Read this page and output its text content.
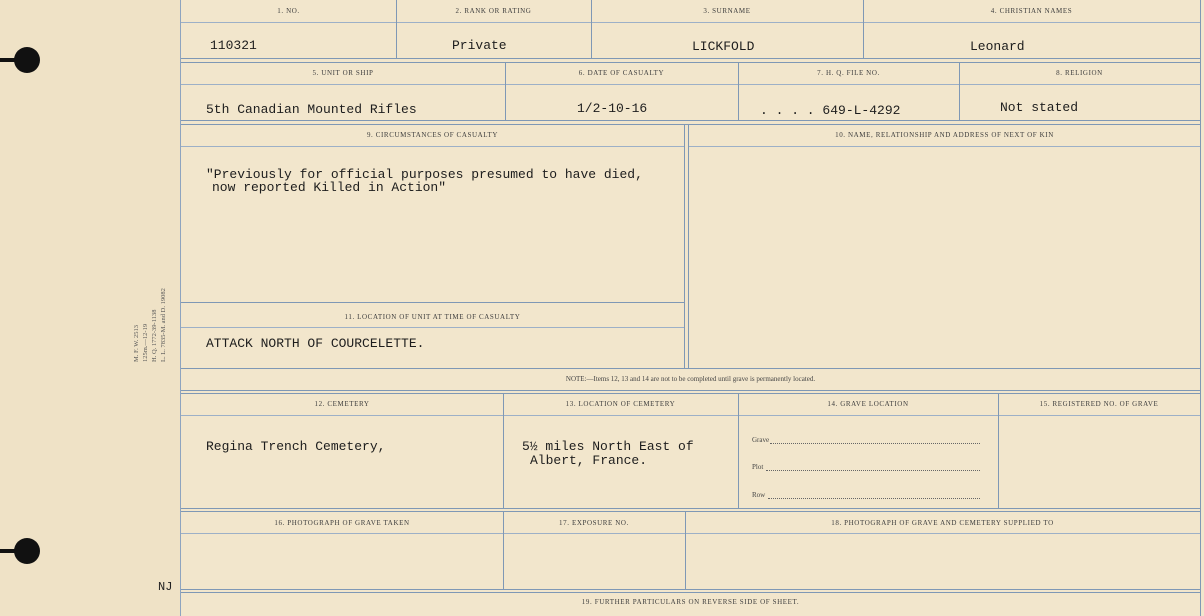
M. F. W. 2513 125m.—12-19 H. Q. 1772-39-1138 L. L. 7835-M. and D. 19082
NJ
1. NO.	2. RANK OR RATING	3. SURNAME	4. CHRISTIAN NAMES
110321	Private	LICKFOLD	Leonard
5. UNIT OR SHIP	6. DATE OF CASUALTY	7. H. Q. FILE NO.	8. RELIGION
5th Canadian Mounted Rifles	1/2-10-16	. . . . 649-L-4292	Not stated
9. CIRCUMSTANCES OF CASUALTY	10. NAME, RELATIONSHIP AND ADDRESS OF NEXT OF KIN
"Previously for official purposes presumed to have died,
now reported Killed in Action"
11. LOCATION OF UNIT AT TIME OF CASUALTY
ATTACK NORTH OF COURCELETTE.
NOTE:—Items 12, 13 and 14 are not to be completed until grave is permanently located.
12. CEMETERY	13. LOCATION OF CEMETERY	14. GRAVE LOCATION	15. REGISTERED NO. OF GRAVE
Regina Trench Cemetery,	5½ miles North East of
Albert, France.
Grave
Plot
Row
16. PHOTOGRAPH OF GRAVE TAKEN	17. EXPOSURE NO.	18. PHOTOGRAPH OF GRAVE AND CEMETERY SUPPLIED TO
19. FURTHER PARTICULARS ON REVERSE SIDE OF SHEET.
